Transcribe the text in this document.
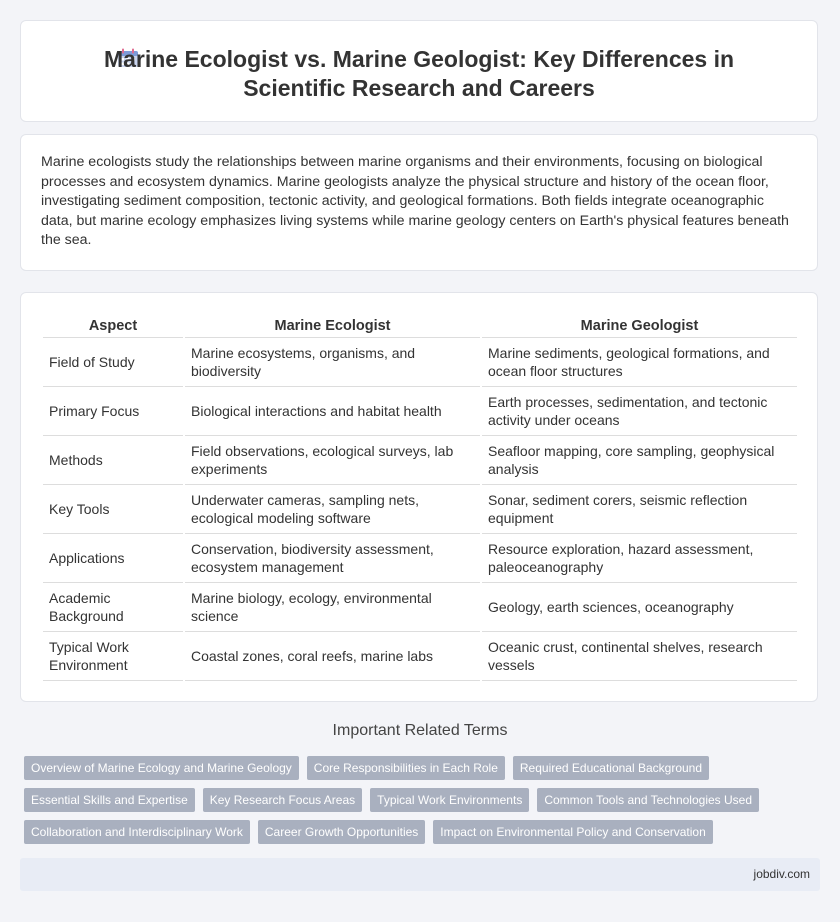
Marine Ecologist vs. Marine Geologist: Key Differences in Scientific Research and Careers

Marine ecologists study the relationships between marine organisms and their environments, focusing on biological processes and ecosystem dynamics. Marine geologists analyze the physical structure and history of the ocean floor, investigating sediment composition, tectonic activity, and geological formations. Both fields integrate oceanographic data, but marine ecology emphasizes living systems while marine geology centers on Earth's physical features beneath the sea.

Aspect	Marine Ecologist	Marine Geologist
Field of Study	Marine ecosystems, organisms, and biodiversity	Marine sediments, geological formations, and ocean floor structures
Primary Focus	Biological interactions and habitat health	Earth processes, sedimentation, and tectonic activity under oceans
Methods	Field observations, ecological surveys, lab experiments	Seafloor mapping, core sampling, geophysical analysis
Key Tools	Underwater cameras, sampling nets, ecological modeling software	Sonar, sediment corers, seismic reflection equipment
Applications	Conservation, biodiversity assessment, ecosystem management	Resource exploration, hazard assessment, paleoceanography
Academic Background	Marine biology, ecology, environmental science	Geology, earth sciences, oceanography
Typical Work Environment	Coastal zones, coral reefs, marine labs	Oceanic crust, continental shelves, research vessels
Important Related Terms
Overview of Marine Ecology and Marine Geology	Core Responsibilities in Each Role	Required Educational Background
Essential Skills and Expertise	Key Research Focus Areas	Typical Work Environments	Common Tools and Technologies Used
Collaboration and Interdisciplinary Work	Career Growth Opportunities	Impact on Environmental Policy and Conservation
jobdiv.com
